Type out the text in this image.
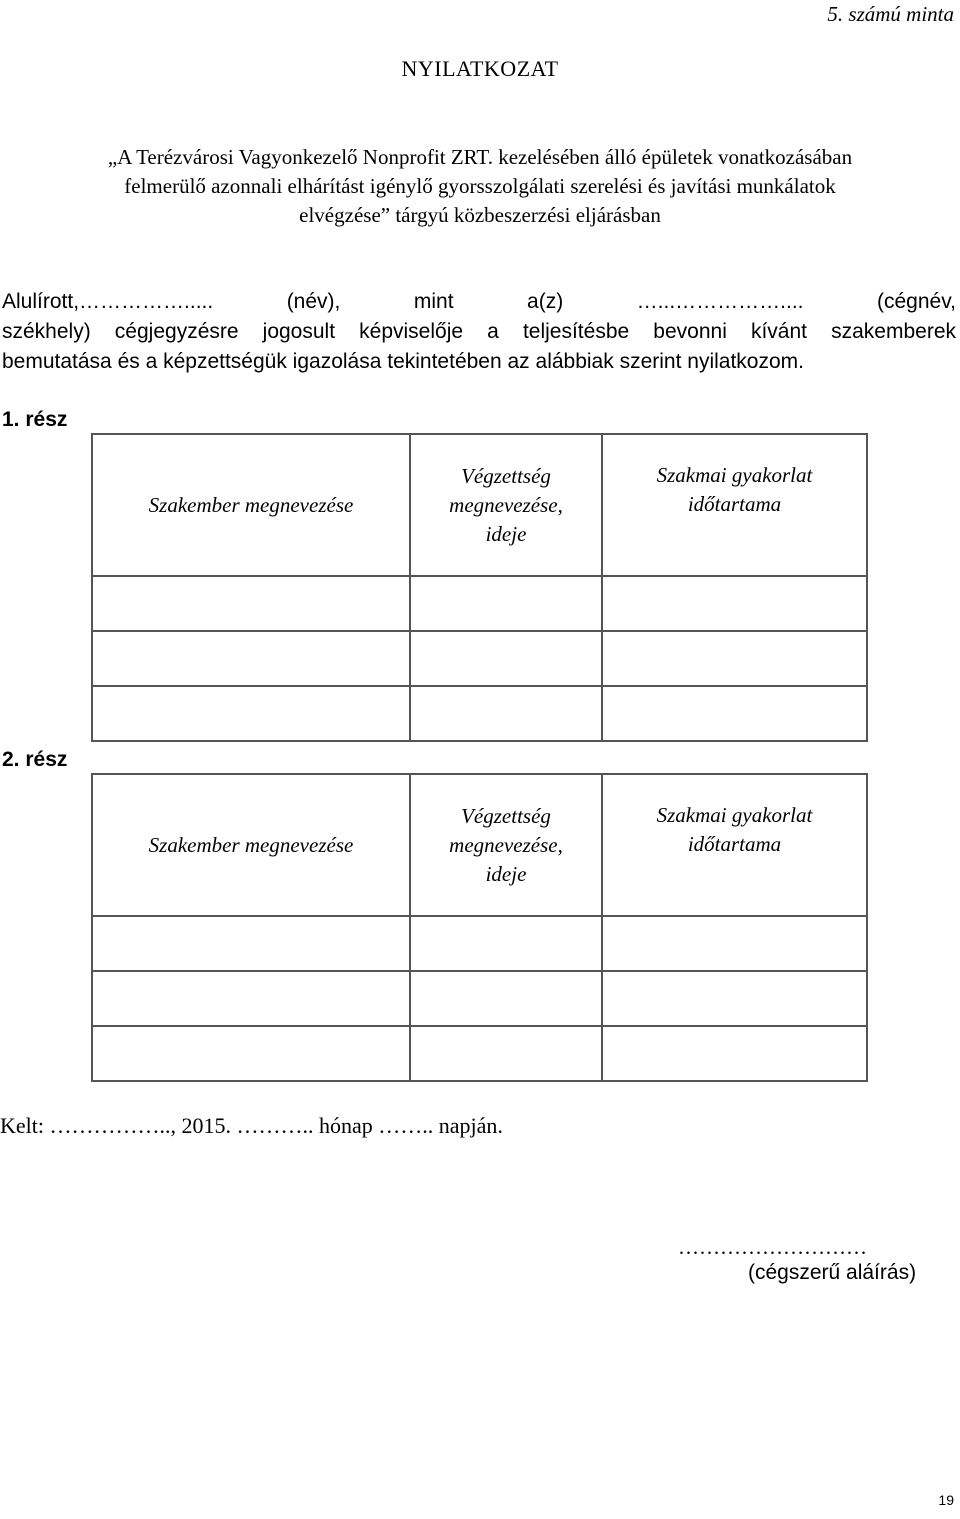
5. számú minta
NYILATKOZAT
„A Terézvárosi Vagyonkezelő Nonprofit ZRT. kezelésében álló épületek vonatkozásában
felmerülő azonnali elhárítást igénylő gyorsszolgálati szerelési és javítási munkálatok
elvégzése” tárgyú közbeszerzési eljárásban
Alulírott,……………..... (név), mint a(z) …...…………….... (cégnév,
székhely) cégjegyzésre jogosult képviselője a teljesítésbe bevonni kívánt szakemberek
bemutatása és a képzettségük igazolása tekintetében az alábbiak szerint nyilatkozom.
1. rész
Szakember megnevezése	Végzettség megnevezése, ideje	Szakmai gyakorlat időtartama

2. rész
Szakember megnevezése	Végzettség megnevezése, ideje	Szakmai gyakorlat időtartama

Kelt: …………….., 2015. ……….. hónap …….. napján.
………………………
(cégszerű aláírás)
19
